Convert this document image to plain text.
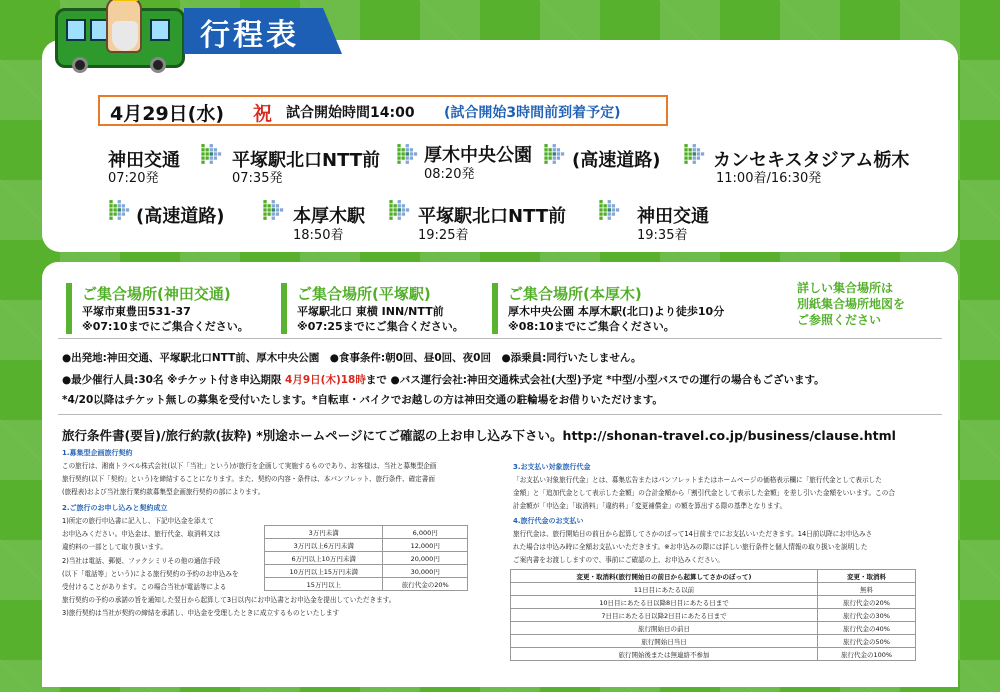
行程表
4月29日(水) 祝 試合開始時間14:00 (試合開始3時間前到着予定)
神田交通
07:20発
平塚駅北口NTT前
07:35発
厚木中央公園
08:20発
(高速道路)	カンセキスタジアム栃木
11:00着/16:30発
(高速道路)	本厚木駅
18:50着
平塚駅北口NTT前
19:25着
神田交通
19:35着
ご集合場所(神田交通)
平塚市東豊田531-37
※07:10までにご集合ください。
ご集合場所(平塚駅)
平塚駅北口 東横 INN/NTT前
※07:25までにご集合ください。
ご集合場所(本厚木)
厚木中央公園 本厚木駅(北口)より徒歩10分
※08:10までにご集合ください。
詳しい集合場所は
別紙集合場所地図を
ご参照ください
●出発地:神田交通、平塚駅北口NTT前、厚木中央公園　●食事条件:朝0回、昼0回、夜0回　●添乗員:同行いたしません。
●最少催行人員:30名 ※チケット付き申込期限 4月9日(木)18時まで ●バス運行会社:神田交通株式会社(大型)予定 *中型/小型バスでの運行の場合もございます。
*4/20以降はチケット無しの募集を受付いたします。*自転車・バイクでお越しの方は神田交通の駐輪場をお借りいただけます。
旅行条件書(要旨)/旅行約款(抜粋) *別途ホームページにてご確認の上お申し込み下さい。http://shonan-travel.co.jp/business/clause.html
1.募集型企画旅行契約
この旅行は、湘南トラベル株式会社(以下「当社」という)が旅行を企画して実施するものであり、お客様は、当社と募集型企画
旅行契約(以下「契約」という)を締結することになります。また、契約の内容・条件は、本パンフレット、旅行条件、確定書面
(旅程表)および当社旅行業約款募集型企画旅行契約の部によります。
2.ご旅行のお申し込みと契約成立
1)所定の旅行申込書に記入し、下記申込金を添えて
お申込みください。申込金は、旅行代金、取消料又は
違約料の一部として取り扱います。
2)当社は電話、郵便、ファクシミリその他の通信手段
(以下「電話等」という)による旅行契約の予約のお申込みを
受付けることがあります。この場合当社が電話等による
旅行契約の予約の承諾の旨を通知した翌日から起算して3日以内にお申込書とお申込金を提出していただきます。
3)旅行契約は当社が契約の締結を承諾し、申込金を受理したときに成立するものといたします
3万円未満	6,000円
3万円以上6万円未満	12,000円
6万円以上10万円未満	20,000円
10万円以上15万円未満	30,000円
15万円以上	旅行代金の20%
3.お支払い対象旅行代金
「お支払い対象旅行代金」とは、募集広告またはパンフレットまたはホームページの価格表示欄に「旅行代金として表示した
金額」と「追加代金として表示した金額」の合計金額から「割引代金として表示した金額」を差し引いた金額をいいます。この合
計金額が「申込金」「取消料」「違約料」「変更補償金」の額を算出する際の基準となります。
4.旅行代金のお支払い
旅行代金は、旅行開始日の前日から起算してさかのぼって14日前までにお支払いいただきます。14日前以降にお申込みさ
れた場合は申込み時に全額お支払いいただきます。※お申込みの際には詳しい旅行条件と個人情報の取り扱いを説明した
ご案内書をお渡ししますので、事前にご確認の上、お申込みください。
変更・取消料(旅行開始日の前日から起算してさかのぼって)	変更・取消料
11日目にあたる以前	無料
10日目にあたる日以降8日目にあたる日まで	旅行代金の20%
7日目にあたる日以降2日目にあたる日まで	旅行代金の30%
旅行開始日の前日	旅行代金の40%
旅行開始日当日	旅行代金の50%
旅行開始後または無連絡不参加	旅行代金の100%
